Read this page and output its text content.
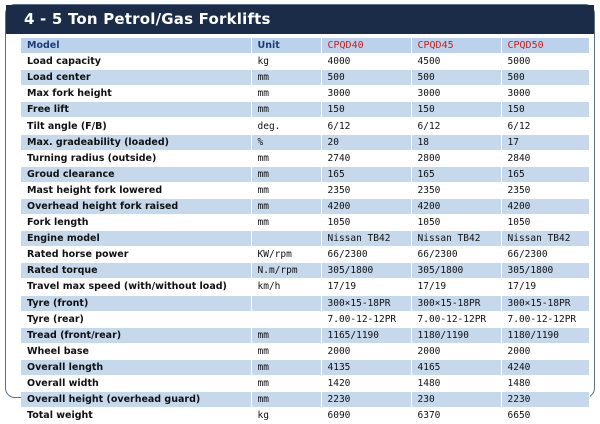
4 - 5 Ton Petrol/Gas Forklifts
Model	Unit	CPQD40	CPQD45	CPQD50
Load capacity	kg	4000	4500	5000
Load center	mm	500	500	500
Max fork height	mm	3000	3000	3000
Free lift	mm	150	150	150
Tilt angle (F/B)	deg.	6/12	6/12	6/12
Max. gradeability (loaded)	%	20	18	17
Turning radius (outside)	mm	2740	2800	2840
Groud clearance	mm	165	165	165
Mast height fork lowered	mm	2350	2350	2350
Overhead height fork raised	mm	4200	4200	4200
Fork length	mm	1050	1050	1050
Engine model		Nissan TB42	Nissan TB42	Nissan TB42
Rated horse power	KW/rpm	66/2300	66/2300	66/2300
Rated torque	N.m/rpm	305/1800	305/1800	305/1800
Travel max speed (with/without load)	km/h	17/19	17/19	17/19
Tyre (front)		300×15-18PR	300×15-18PR	300×15-18PR
Tyre (rear)		7.00-12-12PR	7.00-12-12PR	7.00-12-12PR
Tread (front/rear)	mm	1165/1190	1180/1190	1180/1190
Wheel base	mm	2000	2000	2000
Overall length	mm	4135	4165	4240
Overall width	mm	1420	1480	1480
Overall height (overhead guard)	mm	2230	230	2230
Total weight	kg	6090	6370	6650
